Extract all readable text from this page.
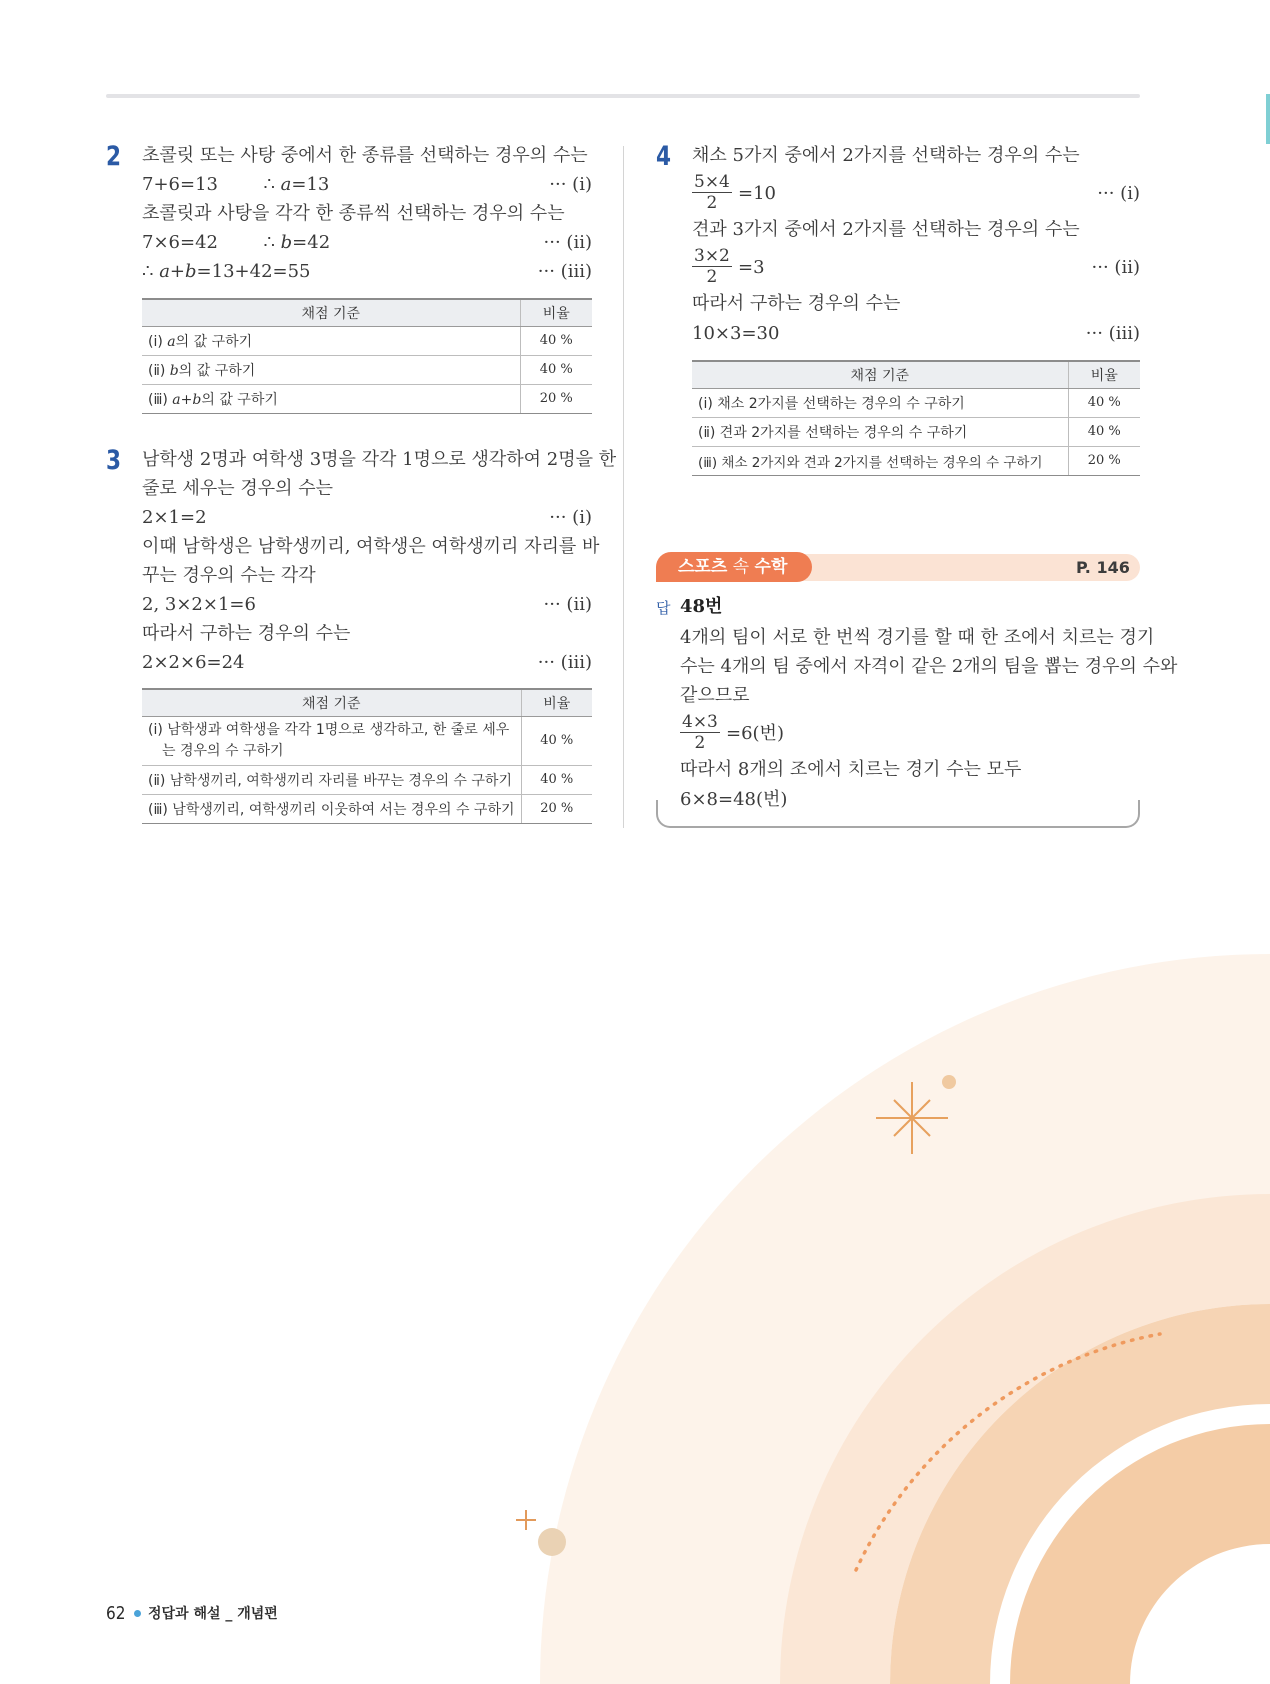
2 초콜릿 또는 사탕 중에서 한 종류를 선택하는 경우의 수는
7+6=13	∴ a=13	··· (ⅰ)
초콜릿과 사탕을 각각 한 종류씩 선택하는 경우의 수는
7×6=42	∴ b=42	··· (ⅱ)
∴ a+b=13+42=55	··· (ⅲ)
채점 기준	비율
(ⅰ) a의 값 구하기	40 %
(ⅱ) b의 값 구하기	40 %
(ⅲ) a+b의 값 구하기	20 %
3 남학생 2명과 여학생 3명을 각각 1명으로 생각하여 2명을 한
줄로 세우는 경우의 수는
2×1=2	··· (ⅰ)
이때 남학생은 남학생끼리, 여학생은 여학생끼리 자리를 바
꾸는 경우의 수는 각각
2, 3×2×1=6	··· (ⅱ)
따라서 구하는 경우의 수는
2×2×6=24	··· (ⅲ)
채점 기준	비율
(ⅰ) 남학생과 여학생을 각각 1명으로 생각하고, 한 줄로 세우는 경우의 수 구하기	40 %
(ⅱ) 남학생끼리, 여학생끼리 자리를 바꾸는 경우의 수 구하기	40 %
(ⅲ) 남학생끼리, 여학생끼리 이웃하여 서는 경우의 수 구하기	20 %
4 채소 5가지 중에서 2가지를 선택하는 경우의 수는
$\frac{5\times 4}{2} =10$	··· (ⅰ)
견과 3가지 중에서 2가지를 선택하는 경우의 수는
$\frac{3\times 2}{2} =3$	··· (ⅱ)
따라서 구하는 경우의 수는
10×3=30	··· (ⅲ)
채점 기준	비율
(ⅰ) 채소 2가지를 선택하는 경우의 수 구하기	40 %
(ⅱ) 견과 2가지를 선택하는 경우의 수 구하기	40 %
(ⅲ) 채소 2가지와 견과 2가지를 선택하는 경우의 수 구하기	20 %
스포츠 속 수학	P. 146
답 48번
4개의 팀이 서로 한 번씩 경기를 할 때 한 조에서 치르는 경기
수는 4개의 팀 중에서 자격이 같은 2개의 팀을 뽑는 경우의 수와
같으므로
$\frac{4\times 3}{2} =6$(번)
따라서 8개의 조에서 치르는 경기 수는 모두
6×8=48(번)
62 정답과 해설 _ 개념편
